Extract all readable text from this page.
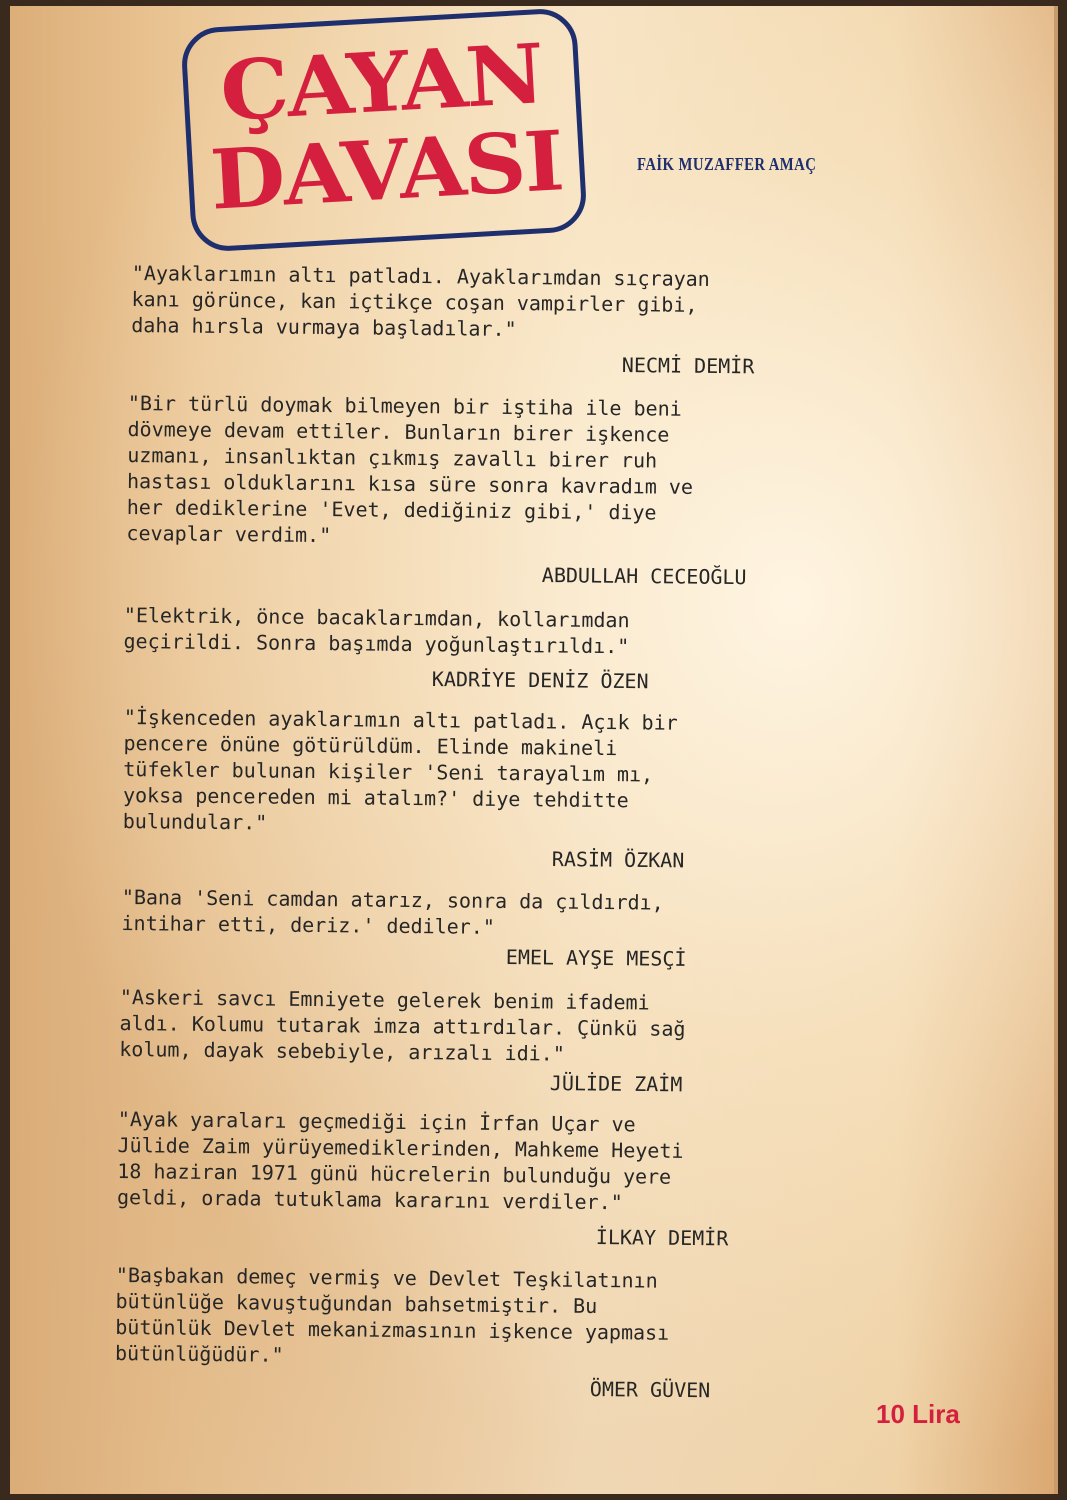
ÇAYAN
DAVASI	FAİK MUZAFFER AMAÇ
"Ayaklarımın altı patladı. Ayaklarımdan sıçrayan
kanı görünce, kan içtikçe coşan vampirler gibi,
daha hırsla vurmaya başladılar."
NECMİ DEMİR
"Bir türlü doymak bilmeyen bir iştiha ile beni
dövmeye devam ettiler. Bunların birer işkence
uzmanı, insanlıktan çıkmış zavallı birer ruh
hastası olduklarını kısa süre sonra kavradım ve
her dediklerine 'Evet, dediğiniz gibi,' diye
cevaplar verdim."
ABDULLAH CECEOĞLU
"Elektrik, önce bacaklarımdan, kollarımdan
geçirildi. Sonra başımda yoğunlaştırıldı."
KADRİYE DENİZ ÖZEN
"İşkenceden ayaklarımın altı patladı. Açık bir
pencere önüne götürüldüm. Elinde makineli
tüfekler bulunan kişiler 'Seni tarayalım mı,
yoksa pencereden mi atalım?' diye tehditte
bulundular."
RASİM ÖZKAN
"Bana 'Seni camdan atarız, sonra da çıldırdı,
intihar etti, deriz.' dediler."
EMEL AYŞE MESÇİ
"Askeri savcı Emniyete gelerek benim ifademi
aldı. Kolumu tutarak imza attırdılar. Çünkü sağ
kolum, dayak sebebiyle, arızalı idi."
JÜLİDE ZAİM
"Ayak yaraları geçmediği için İrfan Uçar ve
Jülide Zaim yürüyemediklerinden, Mahkeme Heyeti
18 haziran 1971 günü hücrelerin bulunduğu yere
geldi, orada tutuklama kararını verdiler."
İLKAY DEMİR
"Başbakan demeç vermiş ve Devlet Teşkilatının
bütünlüğe kavuştuğundan bahsetmiştir. Bu
bütünlük Devlet mekanizmasının işkence yapması
bütünlüğüdür."
ÖMER GÜVEN
10 Lira
